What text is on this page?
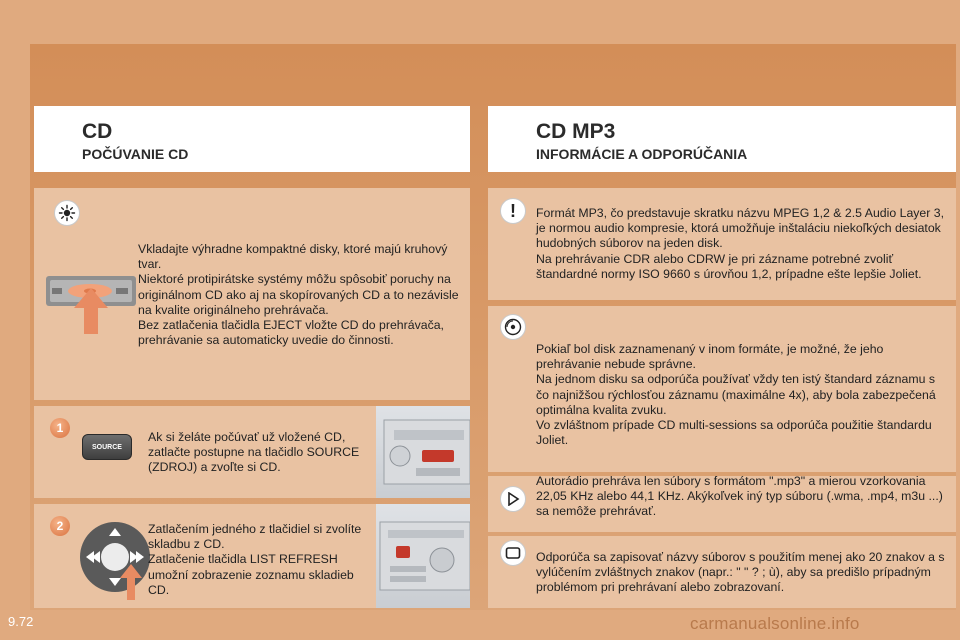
CD
POČÚVANIE CD
CD MP3
INFORMÁCIE A ODPORÚČANIA
Vkladajte výhradne kompaktné disky, ktoré majú kruhový tvar.
Niektoré protipirátske systémy môžu spôsobiť poruchy na originálnom CD ako aj na skopírovaných CD a to nezávisle na kvalite originálneho prehrávača.
Bez zatlačenia tlačidla EJECT vložte CD do prehrávača, prehrávanie sa automaticky uvedie do činnosti.
1
SOURCE
Ak si želáte počúvať už vložené CD, zatlačte postupne na tlačidlo SOURCE (ZDROJ) a zvoľte si CD.
2	Zatlačením jedného z tlačidiel si zvolíte skladbu z CD.
Zatlačenie tlačidla LIST REFRESH umožní zobrazenie zoznamu skladieb CD.
!	Formát MP3, čo predstavuje skratku názvu MPEG 1,2 & 2.5 Audio Layer 3, je normou audio kompresie, ktorá umožňuje inštaláciu niekoľkých desiatok hudobných súborov na jeden disk.
Na prehrávanie CDR alebo CDRW je pri zázname potrebné zvoliť štandardné normy ISO 9660 s úrovňou 1,2, prípadne ešte lepšie Joliet.
Pokiaľ bol disk zaznamenaný v inom formáte, je možné, že jeho prehrávanie nebude správne.
Na jednom disku sa odporúča používať vždy ten istý štandard záznamu s čo najnižšou rýchlosťou záznamu (maximálne 4x), aby bola zabezpečená optimálna kvalita zvuku.
Vo zvláštnom prípade CD multi-sessions sa odporúča použitie štandardu Joliet.
Autorádio prehráva len súbory s formátom ".mp3" a mierou vzorkovania 22,05 KHz alebo 44,1 KHz. Akýkoľvek iný typ súboru (.wma, .mp4, m3u ...) sa nemôže prehrávať.
Odporúča sa zapisovať názvy súborov s použitím menej ako 20 znakov a s vylúčením zvláštnych znakov (napr.: " " ? ; ù), aby sa predišlo prípadným problémom pri prehrávaní alebo zobrazovaní.
9.72	carmanualsonline.info
